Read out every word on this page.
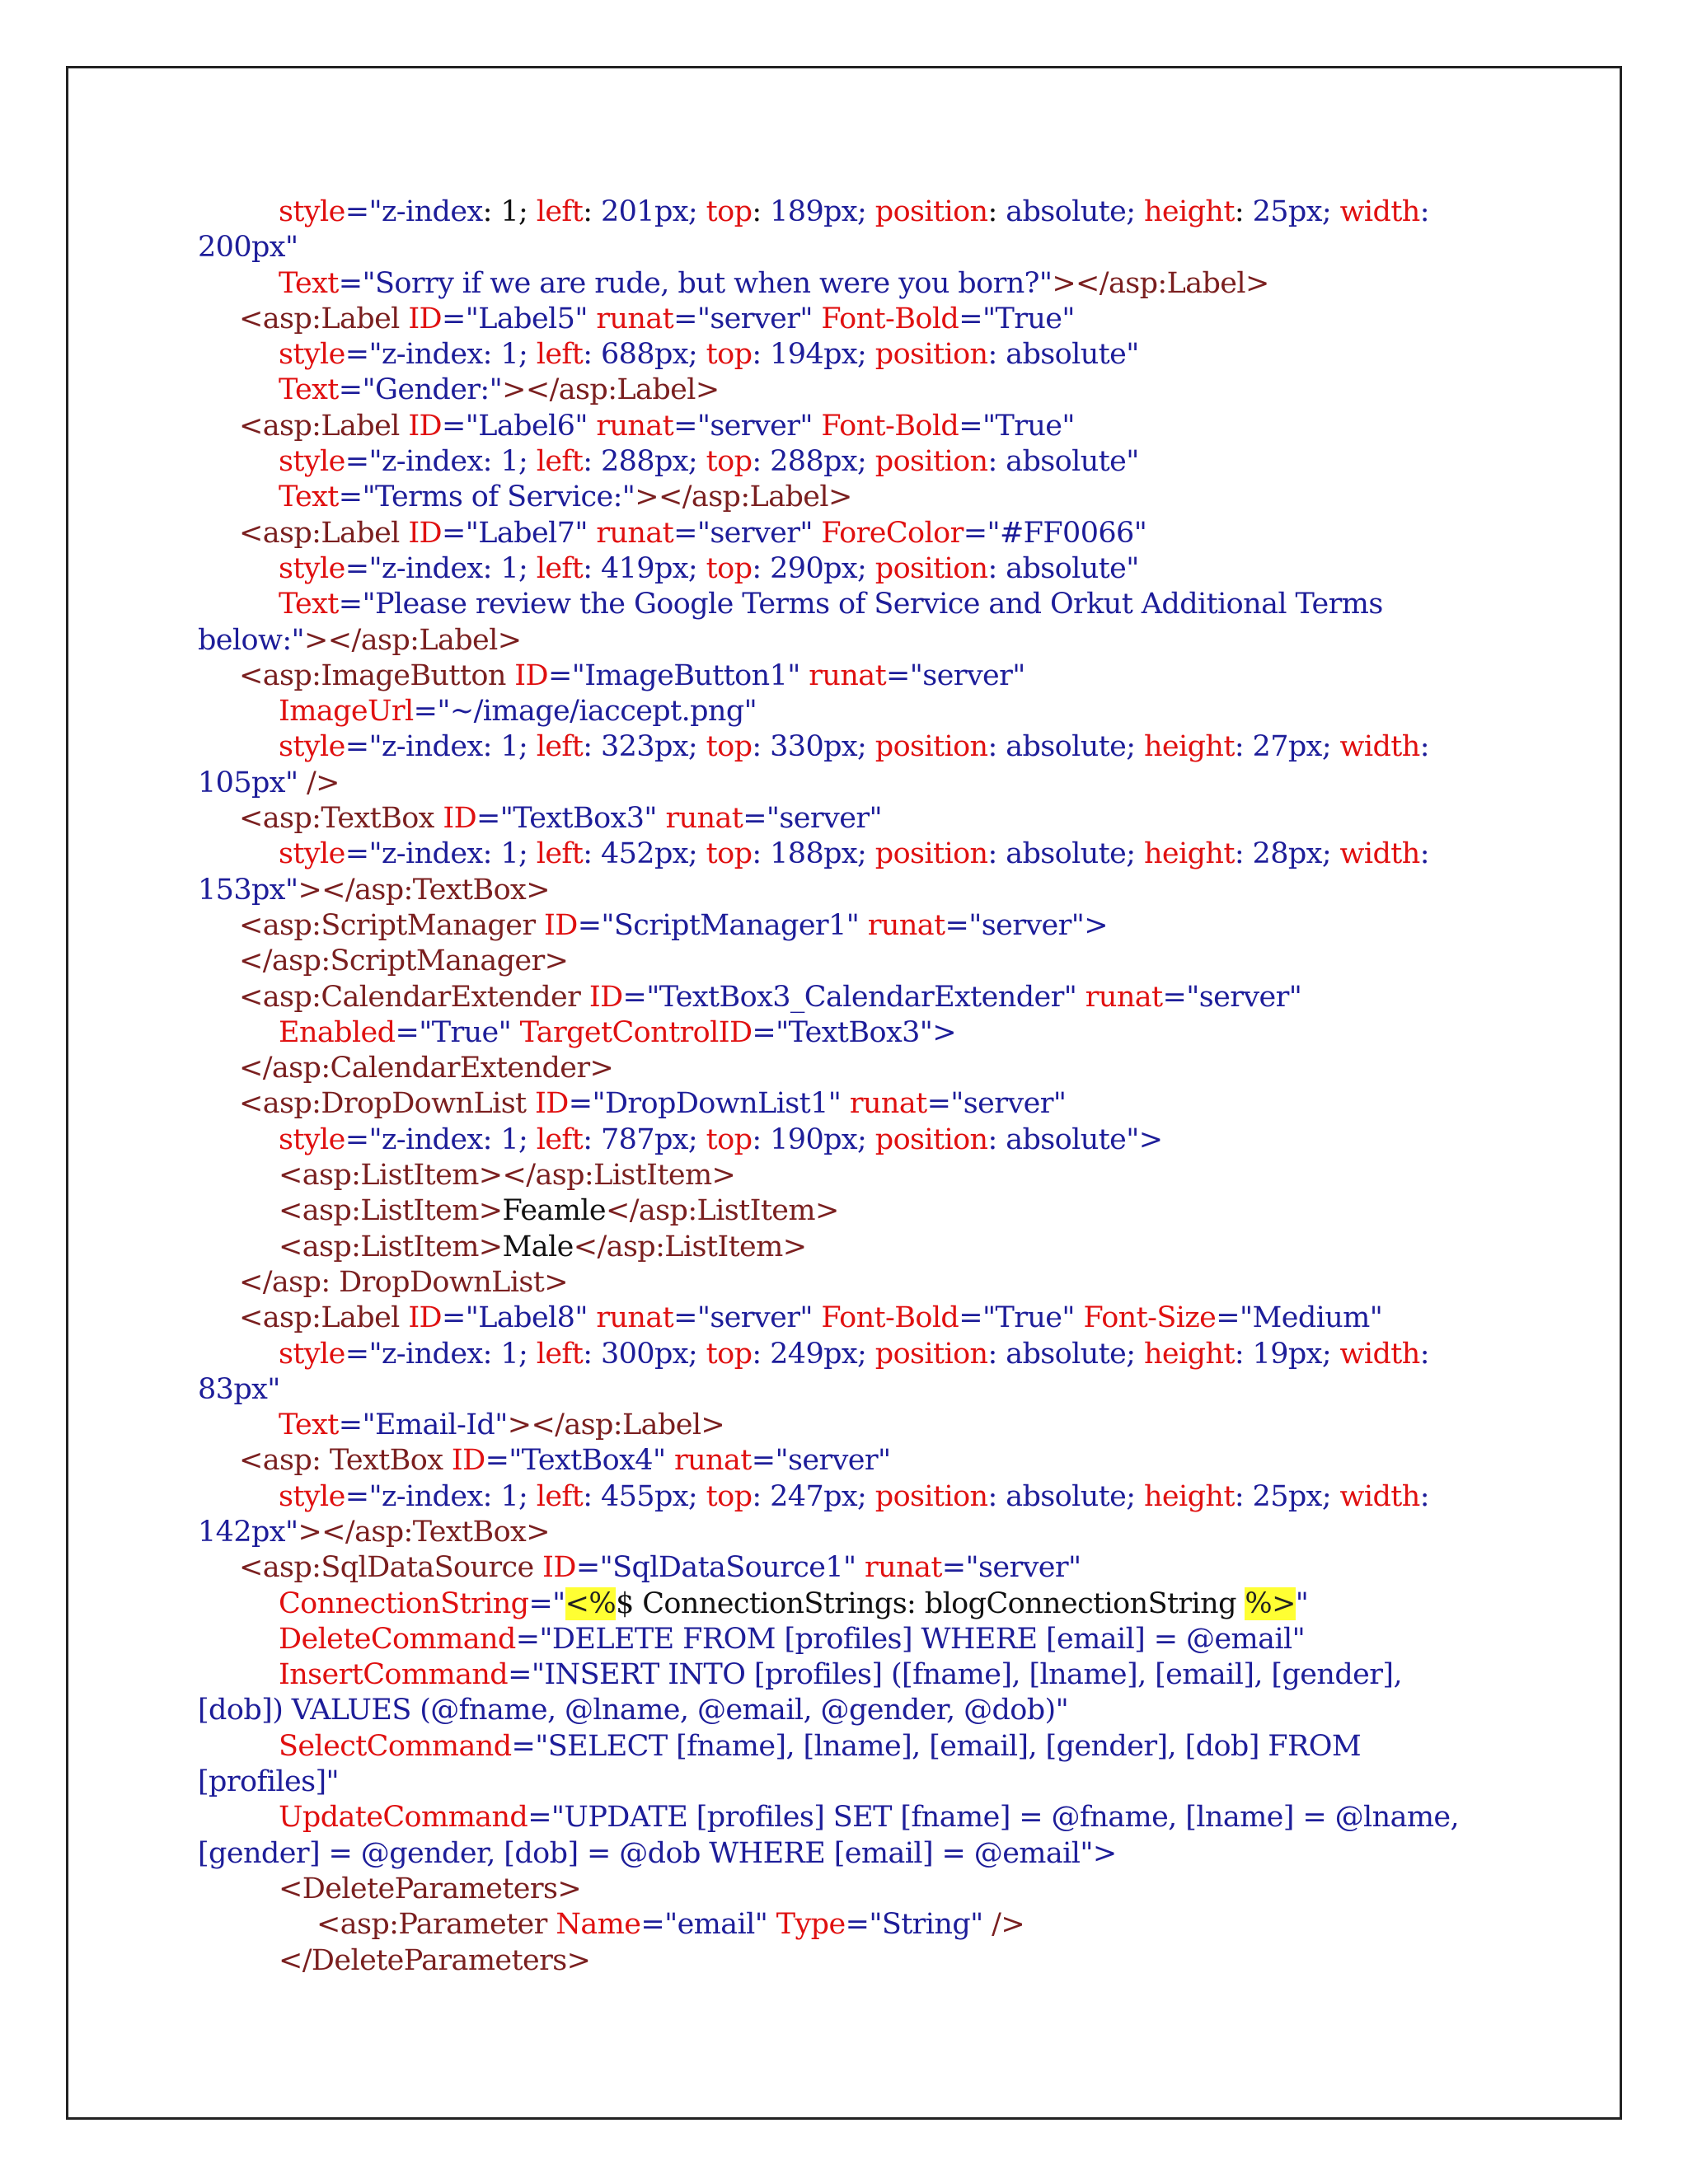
style="z-index: 1; left: 201px; top: 189px; position: absolute; height: 25px; width:
200px"
Text="Sorry if we are rude, but when were you born?"></asp:Label>
<asp:Label ID="Label5" runat="server" Font-Bold="True"
style="z-index: 1; left: 688px; top: 194px; position: absolute"
Text="Gender:"></asp:Label>
<asp:Label ID="Label6" runat="server" Font-Bold="True"
style="z-index: 1; left: 288px; top: 288px; position: absolute"
Text="Terms of Service:"></asp:Label>
<asp:Label ID="Label7" runat="server" ForeColor="#FF0066"
style="z-index: 1; left: 419px; top: 290px; position: absolute"
Text="Please review the Google Terms of Service and Orkut Additional Terms
below:"></asp:Label>
<asp:ImageButton ID="ImageButton1" runat="server"
ImageUrl="~/image/iaccept.png"
style="z-index: 1; left: 323px; top: 330px; position: absolute; height: 27px; width:
105px" />
<asp:TextBox ID="TextBox3" runat="server"
style="z-index: 1; left: 452px; top: 188px; position: absolute; height: 28px; width:
153px"></asp:TextBox>
<asp:ScriptManager ID="ScriptManager1" runat="server">
</asp:ScriptManager>
<asp:CalendarExtender ID="TextBox3_CalendarExtender" runat="server"
Enabled="True" TargetControlID="TextBox3">
</asp:CalendarExtender>
<asp:DropDownList ID="DropDownList1" runat="server"
style="z-index: 1; left: 787px; top: 190px; position: absolute">
<asp:ListItem></asp:ListItem>
<asp:ListItem>Feamle</asp:ListItem>
<asp:ListItem>Male</asp:ListItem>
</asp: DropDownList>
<asp:Label ID="Label8" runat="server" Font-Bold="True" Font-Size="Medium"
style="z-index: 1; left: 300px; top: 249px; position: absolute; height: 19px; width:
83px"
Text="Email-Id"></asp:Label>
<asp: TextBox ID="TextBox4" runat="server"
style="z-index: 1; left: 455px; top: 247px; position: absolute; height: 25px; width:
142px"></asp:TextBox>
<asp:SqlDataSource ID="SqlDataSource1" runat="server"
ConnectionString="<%$ ConnectionStrings: blogConnectionString %>"
DeleteCommand="DELETE FROM [profiles] WHERE [email] = @email"
InsertCommand="INSERT INTO [profiles] ([fname], [lname], [email], [gender],
[dob]) VALUES (@fname, @lname, @email, @gender, @dob)"
SelectCommand="SELECT [fname], [lname], [email], [gender], [dob] FROM
[profiles]"
UpdateCommand="UPDATE [profiles] SET [fname] = @fname, [lname] = @lname,
[gender] = @gender, [dob] = @dob WHERE [email] = @email">
<DeleteParameters>
<asp:Parameter Name="email" Type="String" />
</DeleteParameters>
